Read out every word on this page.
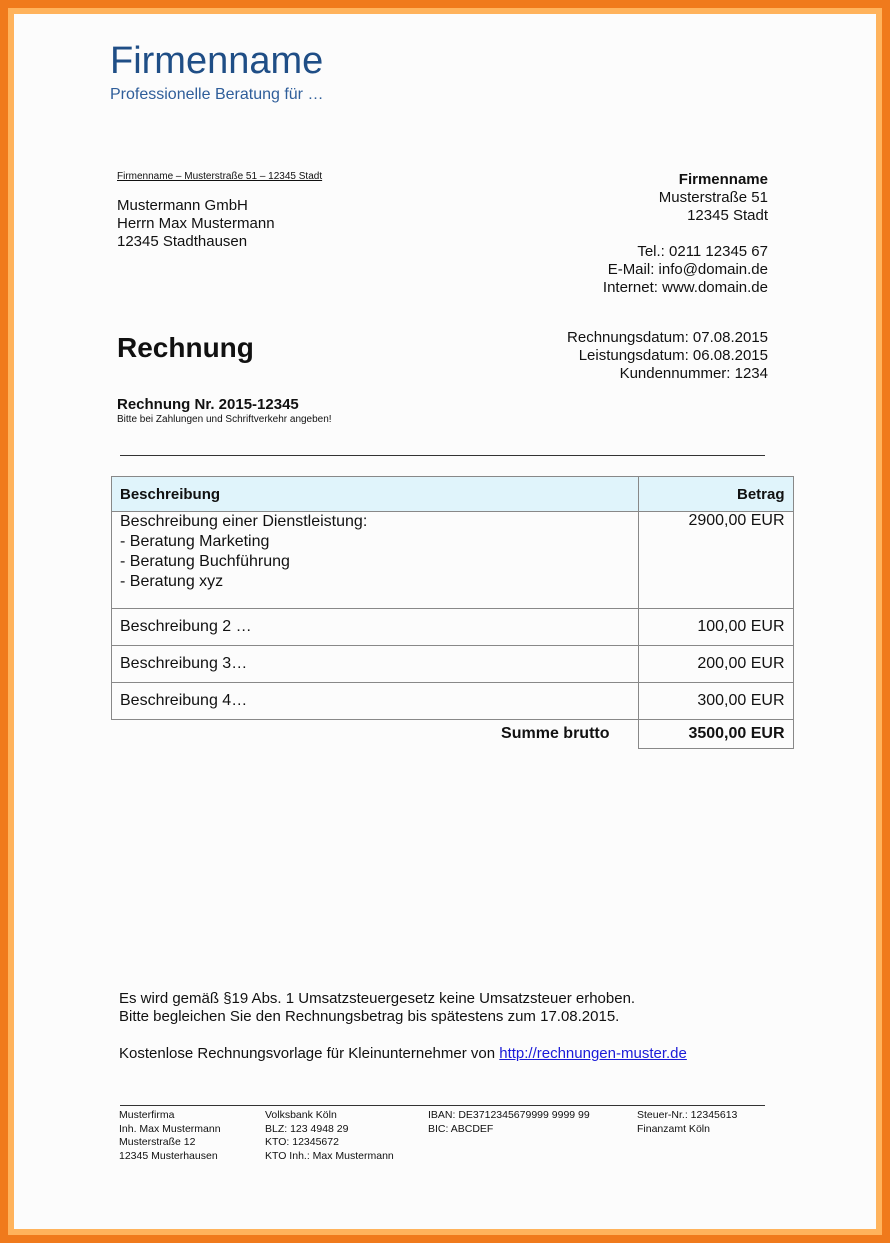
Firmenname
Professionelle Beratung für …
Firmenname – Musterstraße 51 – 12345 Stadt
Mustermann GmbH
Herrn Max Mustermann
12345 Stadthausen
Firmenname
Musterstraße 51
12345 Stadt
Tel.: 0211 12345 67
E-Mail: info@domain.de
Internet: www.domain.de
Rechnung	Rechnungsdatum: 07.08.2015
Leistungsdatum: 06.08.2015
Kundennummer: 1234
Rechnung Nr. 2015-12345
Bitte bei Zahlungen und Schriftverkehr angeben!
Beschreibung	Betrag

Beschreibung einer Dienstleistung:
- Beratung Marketing
- Beratung Buchführung
- Beratung xyz	2900,00 EUR
Beschreibung 2 …	100,00 EUR
Beschreibung 3…	200,00 EUR
Beschreibung 4…	300,00 EUR
Summe brutto	3500,00 EUR
Es wird gemäß §19 Abs. 1 Umsatzsteuergesetz keine Umsatzsteuer erhoben.
Bitte begleichen Sie den Rechnungsbetrag bis spätestens zum 17.08.2015.
Kostenlose Rechnungsvorlage für Kleinunternehmer von http://rechnungen-muster.de
Musterfirma
Inh. Max Mustermann
Musterstraße 12
12345 Musterhausen
Volksbank Köln
BLZ: 123 4948 29
KTO: 12345672
KTO Inh.: Max Mustermann
IBAN: DE3712345679999 9999 99
BIC: ABCDEF
Steuer-Nr.: 12345613
Finanzamt Köln
